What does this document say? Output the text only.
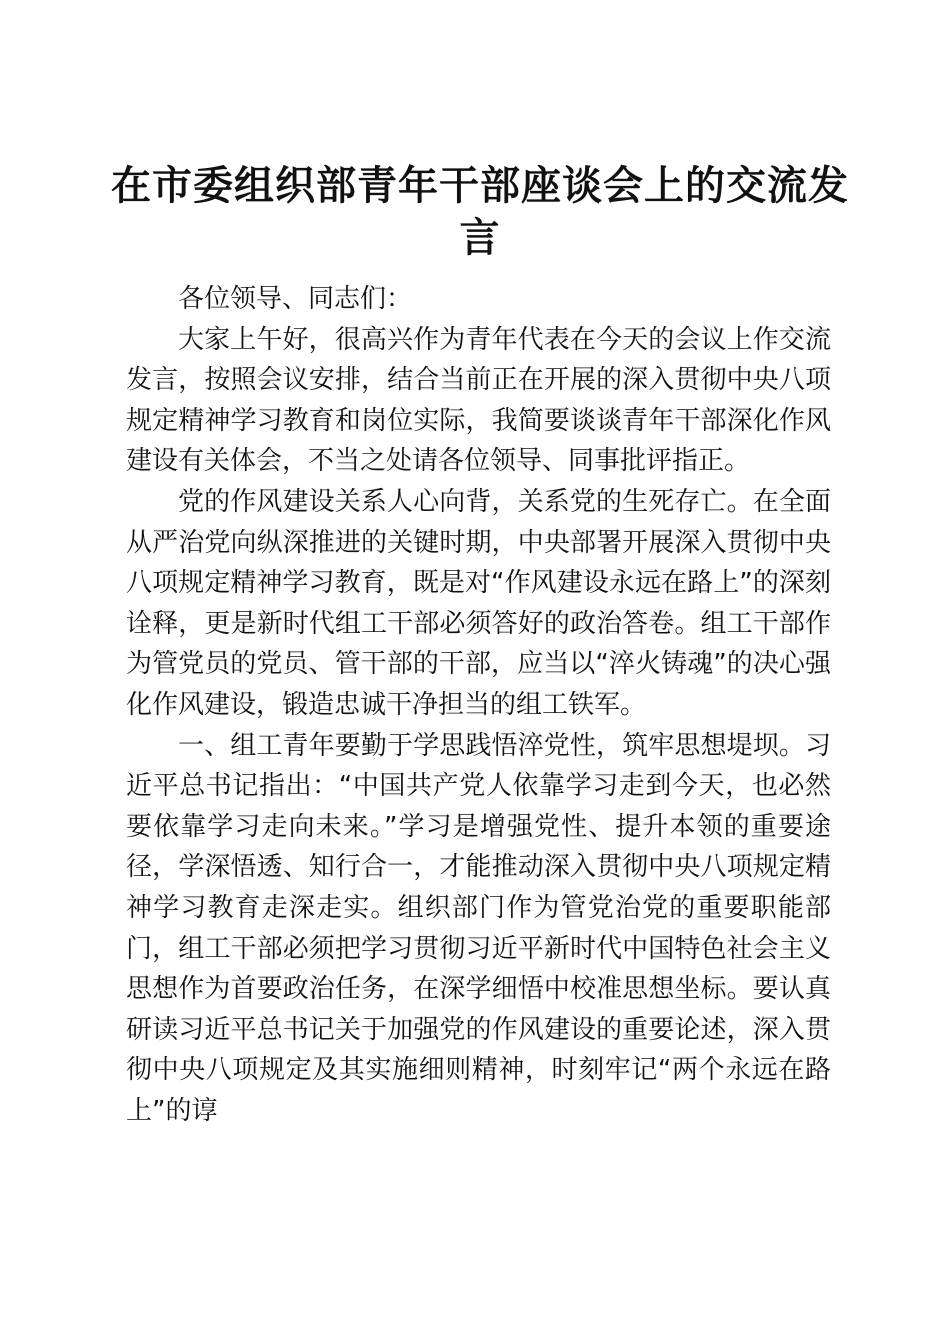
在市委组织部青年干部座谈会上的交流发言

各位领导、同志们：

大家上午好，很高兴作为青年代表在今天的会议上作交流发言，按照会议安排，结合当前正在开展的深入贯彻中央八项规定精神学习教育和岗位实际，我简要谈谈青年干部深化作风建设有关体会，不当之处请各位领导、同事批评指正。

党的作风建设关系人心向背，关系党的生死存亡。在全面从严治党向纵深推进的关键时期，中央部署开展深入贯彻中央八项规定精神学习教育，既是对“作风建设永远在路上”的深刻诠释，更是新时代组工干部必须答好的政治答卷。组工干部作为管党员的党员、管干部的干部，应当以“淬火铸魂”的决心强化作风建设，锻造忠诚干净担当的组工铁军。

一、组工青年要勤于学思践悟淬党性，筑牢思想堤坝。习近平总书记指出：“中国共产党人依靠学习走到今天，也必然要依靠学习走向未来。”学习是增强党性、提升本领的重要途径，学深悟透、知行合一，才能推动深入贯彻中央八项规定精神学习教育走深走实。组织部门作为管党治党的重要职能部门，组工干部必须把学习贯彻习近平新时代中国特色社会主义思想作为首要政治任务，在深学细悟中校准思想坐标。要认真研读习近平总书记关于加强党的作风建设的重要论述，深入贯彻中央八项规定及其实施细则精神，时刻牢记“两个永远在路上”的谆
